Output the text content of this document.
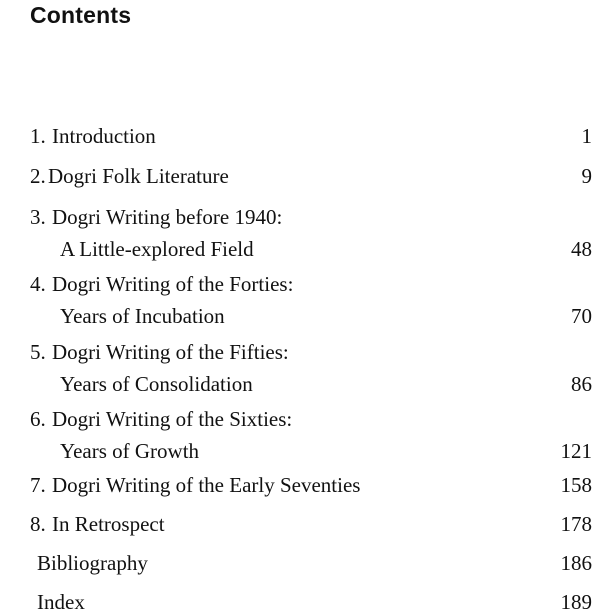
Contents
1. Introduction	1
2. Dogri Folk Literature	9
3. Dogri Writing before 1940:
A Little-explored Field	48
4. Dogri Writing of the Forties:
Years of Incubation	70
5. Dogri Writing of the Fifties:
Years of Consolidation	86
6. Dogri Writing of the Sixties:
Years of Growth	121
7. Dogri Writing of the Early Seventies	158
8. In Retrospect	178
Bibliography	186
Index	189
